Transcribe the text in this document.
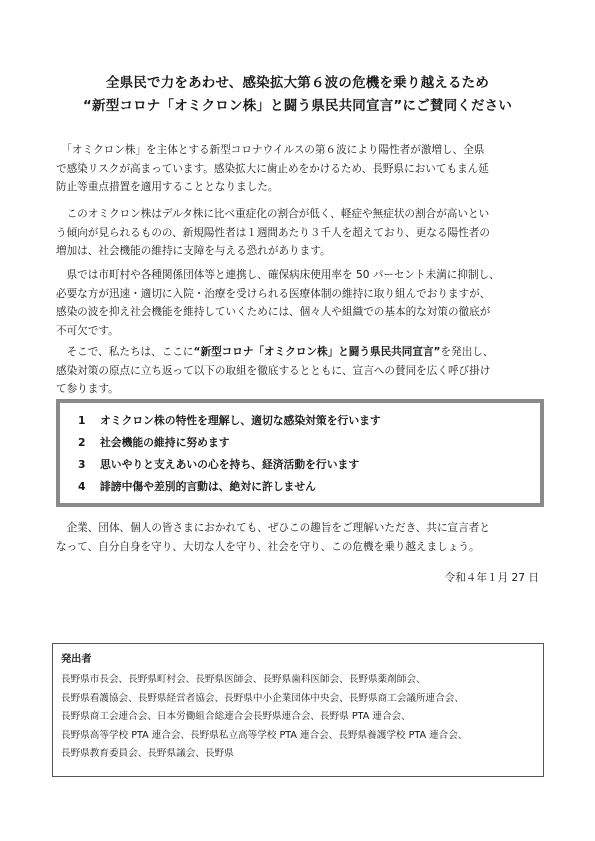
全県民で力をあわせ、感染拡大第６波の危機を乗り越えるため
“新型コロナ「オミクロン株」と闘う県民共同宣言”にご賛同ください
　「オミクロン株」を主体とする新型コロナウイルスの第６波により陽性者が激増し、全県
で感染リスクが高まっています。感染拡大に歯止めをかけるため、長野県においてもまん延
防止等重点措置を適用することとなりました。
　このオミクロン株はデルタ株に比べ重症化の割合が低く、軽症や無症状の割合が高いとい
う傾向が見られるものの、新規陽性者は１週間あたり３千人を超えており、更なる陽性者の
増加は、社会機能の維持に支障を与える恐れがあります。
　県では市町村や各種関係団体等と連携し、確保病床使用率を 50 パーセント未満に抑制し、
必要な方が迅速・適切に入院・治療を受けられる医療体制の維持に取り組んでおりますが、
感染の波を抑え社会機能を維持していくためには、個々人や組織での基本的な対策の徹底が
不可欠です。
　そこで、私たちは、ここに“新型コロナ「オミクロン株」と闘う県民共同宣言”を発出し、
感染対策の原点に立ち返って以下の取組を徹底するとともに、宣言への賛同を広く呼び掛け
て参ります。
1 オミクロン株の特性を理解し、適切な感染対策を行います
2 社会機能の維持に努めます
3 思いやりと支えあいの心を持ち、経済活動を行います
4 誹謗中傷や差別的言動は、絶対に許しません
　企業、団体、個人の皆さまにおかれても、ぜひこの趣旨をご理解いただき、共に宣言者と
なって、自分自身を守り、大切な人を守り、社会を守り、この危機を乗り越えましょう。
令和４年１月 27 日
発出者
長野県市長会、長野県町村会、長野県医師会、長野県歯科医師会、長野県薬剤師会、
長野県看護協会、長野県経営者協会、長野県中小企業団体中央会、長野県商工会議所連合会、
長野県商工会連合会、日本労働組合総連合会長野県連合会、長野県 PTA 連合会、
長野県高等学校 PTA 連合会、長野県私立高等学校 PTA 連合会、長野県養護学校 PTA 連合会、
長野県教育委員会、長野県議会、長野県
